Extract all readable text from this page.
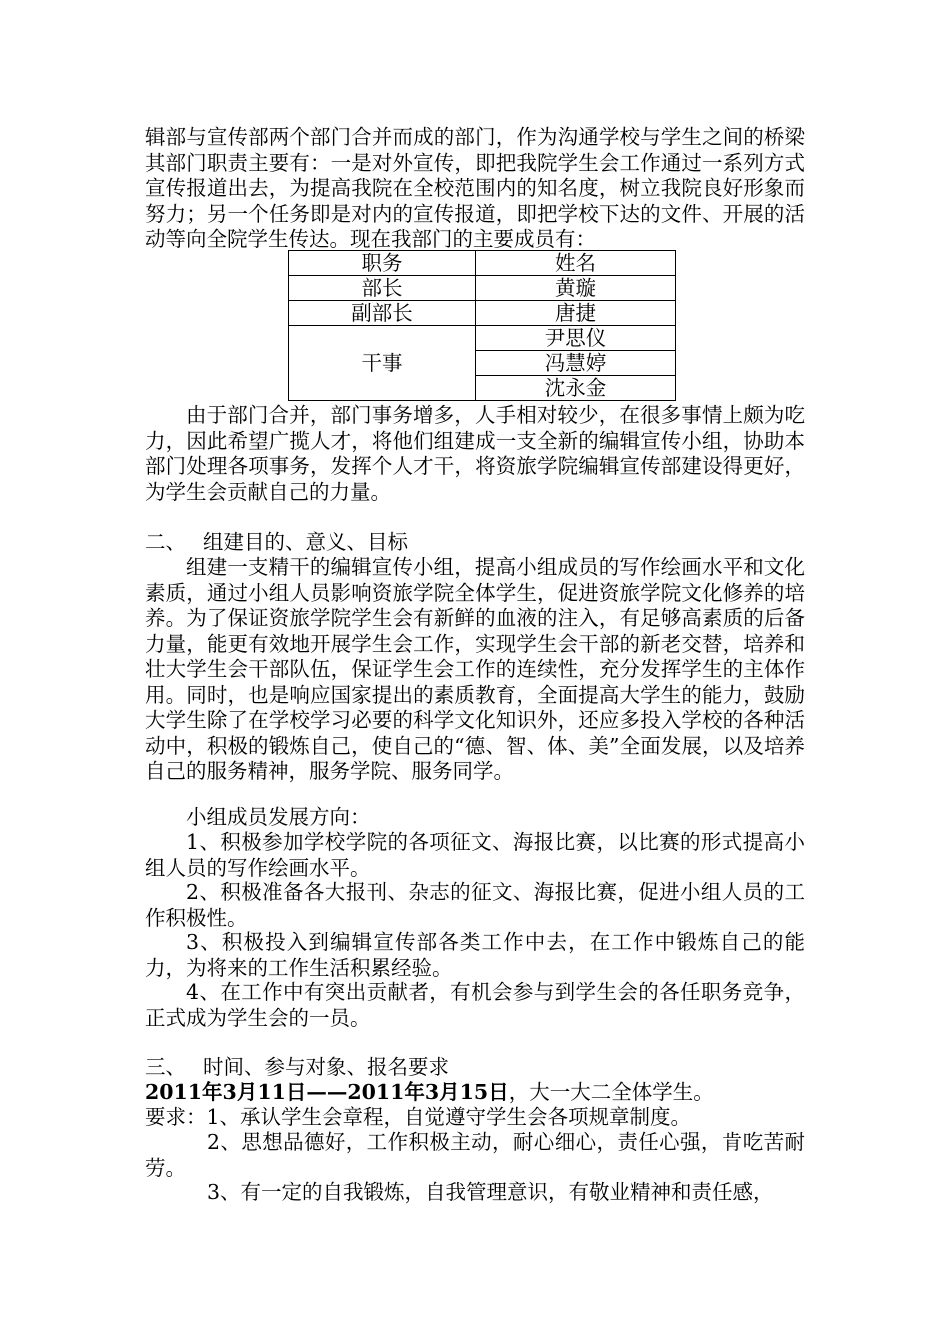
辑部与宣传部两个部门合并而成的部门，作为沟通学校与学生之间的桥梁其部门职责主要有：一是对外宣传，即把我院学生会工作通过一系列方式宣传报道出去，为提高我院在全校范围内的知名度，树立我院良好形象而努力；另一个任务即是对内的宣传报道，即把学校下达的文件、开展的活动等向全院学生传达。现在我部门的主要成员有：

职务	姓名
部长	黄璇
副部长	唐捷
干事	尹思仪
	冯慧婷
	沈永金

由于部门合并，部门事务增多，人手相对较少，在很多事情上颇为吃力，因此希望广揽人才，将他们组建成一支全新的编辑宣传小组，协助本部门处理各项事务，发挥个人才干，将资旅学院编辑宣传部建设得更好，为学生会贡献自己的力量。

二、 组建目的、意义、目标

组建一支精干的编辑宣传小组，提高小组成员的写作绘画水平和文化素质，通过小组人员影响资旅学院全体学生，促进资旅学院文化修养的培养。为了保证资旅学院学生会有新鲜的血液的注入，有足够高素质的后备力量，能更有效地开展学生会工作，实现学生会干部的新老交替，培养和壮大学生会干部队伍，保证学生会工作的连续性，充分发挥学生的主体作用。同时，也是响应国家提出的素质教育，全面提高大学生的能力，鼓励大学生除了在学校学习必要的科学文化知识外，还应多投入学校的各种活动中，积极的锻炼自己，使自己的“德、智、体、美”全面发展，以及培养自己的服务精神，服务学院、服务同学。

小组成员发展方向：

1、积极参加学校学院的各项征文、海报比赛，以比赛的形式提高小组人员的写作绘画水平。

2、积极准备各大报刊、杂志的征文、海报比赛，促进小组人员的工作积极性。

3、积极投入到编辑宣传部各类工作中去，在工作中锻炼自己的能力，为将来的工作生活积累经验。

4、在工作中有突出贡献者，有机会参与到学生会的各任职务竞争，正式成为学生会的一员。

三、 时间、参与对象、报名要求

2011年3月11日——2011年3月15日，大一大二全体学生。

要求：1、承认学生会章程，自觉遵守学生会各项规章制度。

2、思想品德好，工作积极主动，耐心细心，责任心强，肯吃苦耐劳。

3、有一定的自我锻炼，自我管理意识，有敬业精神和责任感，
